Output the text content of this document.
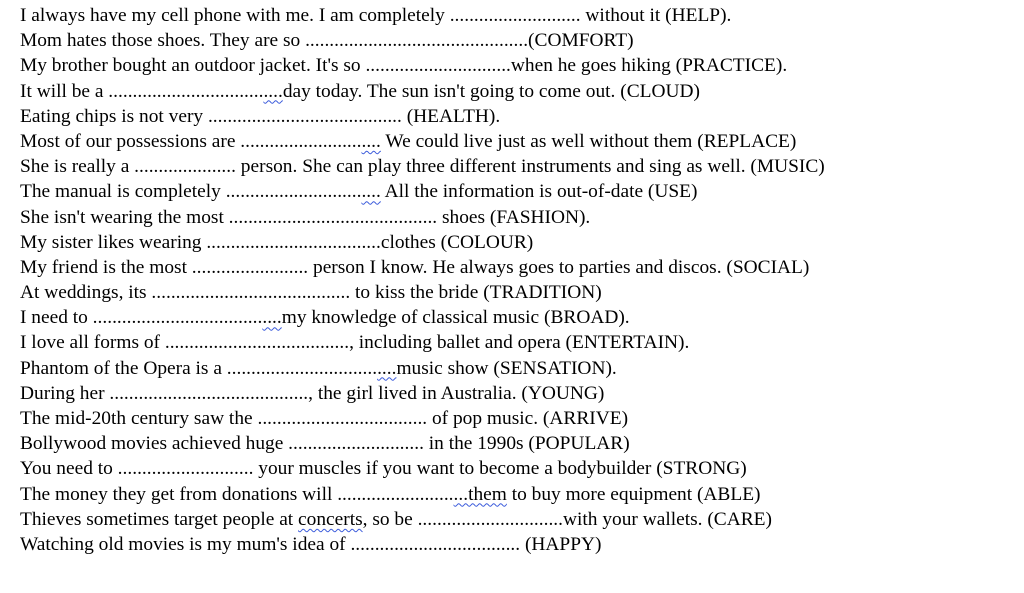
I always have my cell phone with me. I am completely ........................... without it (HELP).
Mom hates those shoes. They are so ..............................................(COMFORT)
My brother bought an outdoor jacket. It's so ..............................when he goes hiking (PRACTICE).
It will be a ....................................day today. The sun isn't going to come out. (CLOUD)
Eating chips is not very ........................................ (HEALTH).
Most of our possessions are ............................. We could live just as well without them (REPLACE)
She is really a ..................... person. She can play three different instruments and sing as well. (MUSIC)
The manual is completely ................................ All the information is out-of-date (USE)
She isn't wearing the most ........................................... shoes (FASHION).
My sister likes wearing ....................................clothes (COLOUR)
My friend is the most ........................ person I know. He always goes to parties and discos. (SOCIAL)
At weddings, its ......................................... to kiss the bride (TRADITION)
I need to .......................................my knowledge of classical music (BROAD).
I love all forms of ......................................, including ballet and opera (ENTERTAIN).
Phantom of the Opera is a ...................................music show (SENSATION).
During her ........................................., the girl lived in Australia. (YOUNG)
The mid-20th century saw the ................................... of pop music. (ARRIVE)
Bollywood movies achieved huge ............................ in the 1990s (POPULAR)
You need to ............................ your muscles if you want to become a bodybuilder (STRONG)
The money they get from donations will ...........................them to buy more equipment (ABLE)
Thieves sometimes target people at concerts, so be ..............................with your wallets. (CARE)
Watching old movies is my mum's idea of ................................... (HAPPY)
